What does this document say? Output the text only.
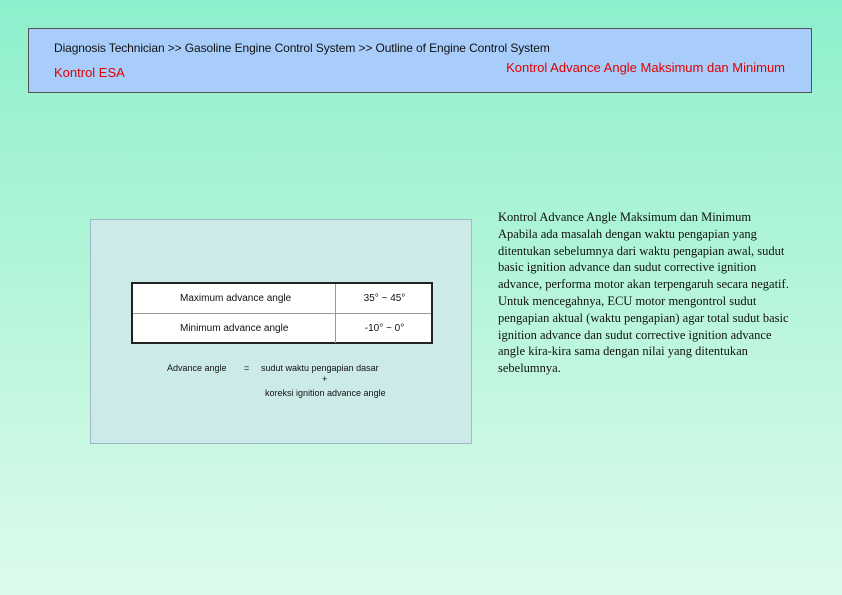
Diagnosis Technician >> Gasoline Engine Control System >> Outline of Engine Control System
Kontrol ESA	Kontrol Advance Angle Maksimum dan Minimum
Maximum advance angle	35° ~ 45°
Minimum advance angle	-10° ~ 0°
Advance angle = sudut waktu pengapian dasar
+
koreksi ignition advance angle

Kontrol Advance Angle Maksimum dan Minimum

Apabila ada masalah dengan waktu pengapian yang ditentukan sebelumnya dari waktu pengapian awal, sudut basic ignition advance dan sudut corrective ignition advance, performa motor akan terpengaruh secara negatif. Untuk mencegahnya, ECU motor mengontrol sudut pengapian aktual (waktu pengapian) agar total sudut basic ignition advance dan sudut corrective ignition advance angle kira-kira sama dengan nilai yang ditentukan sebelumnya.
